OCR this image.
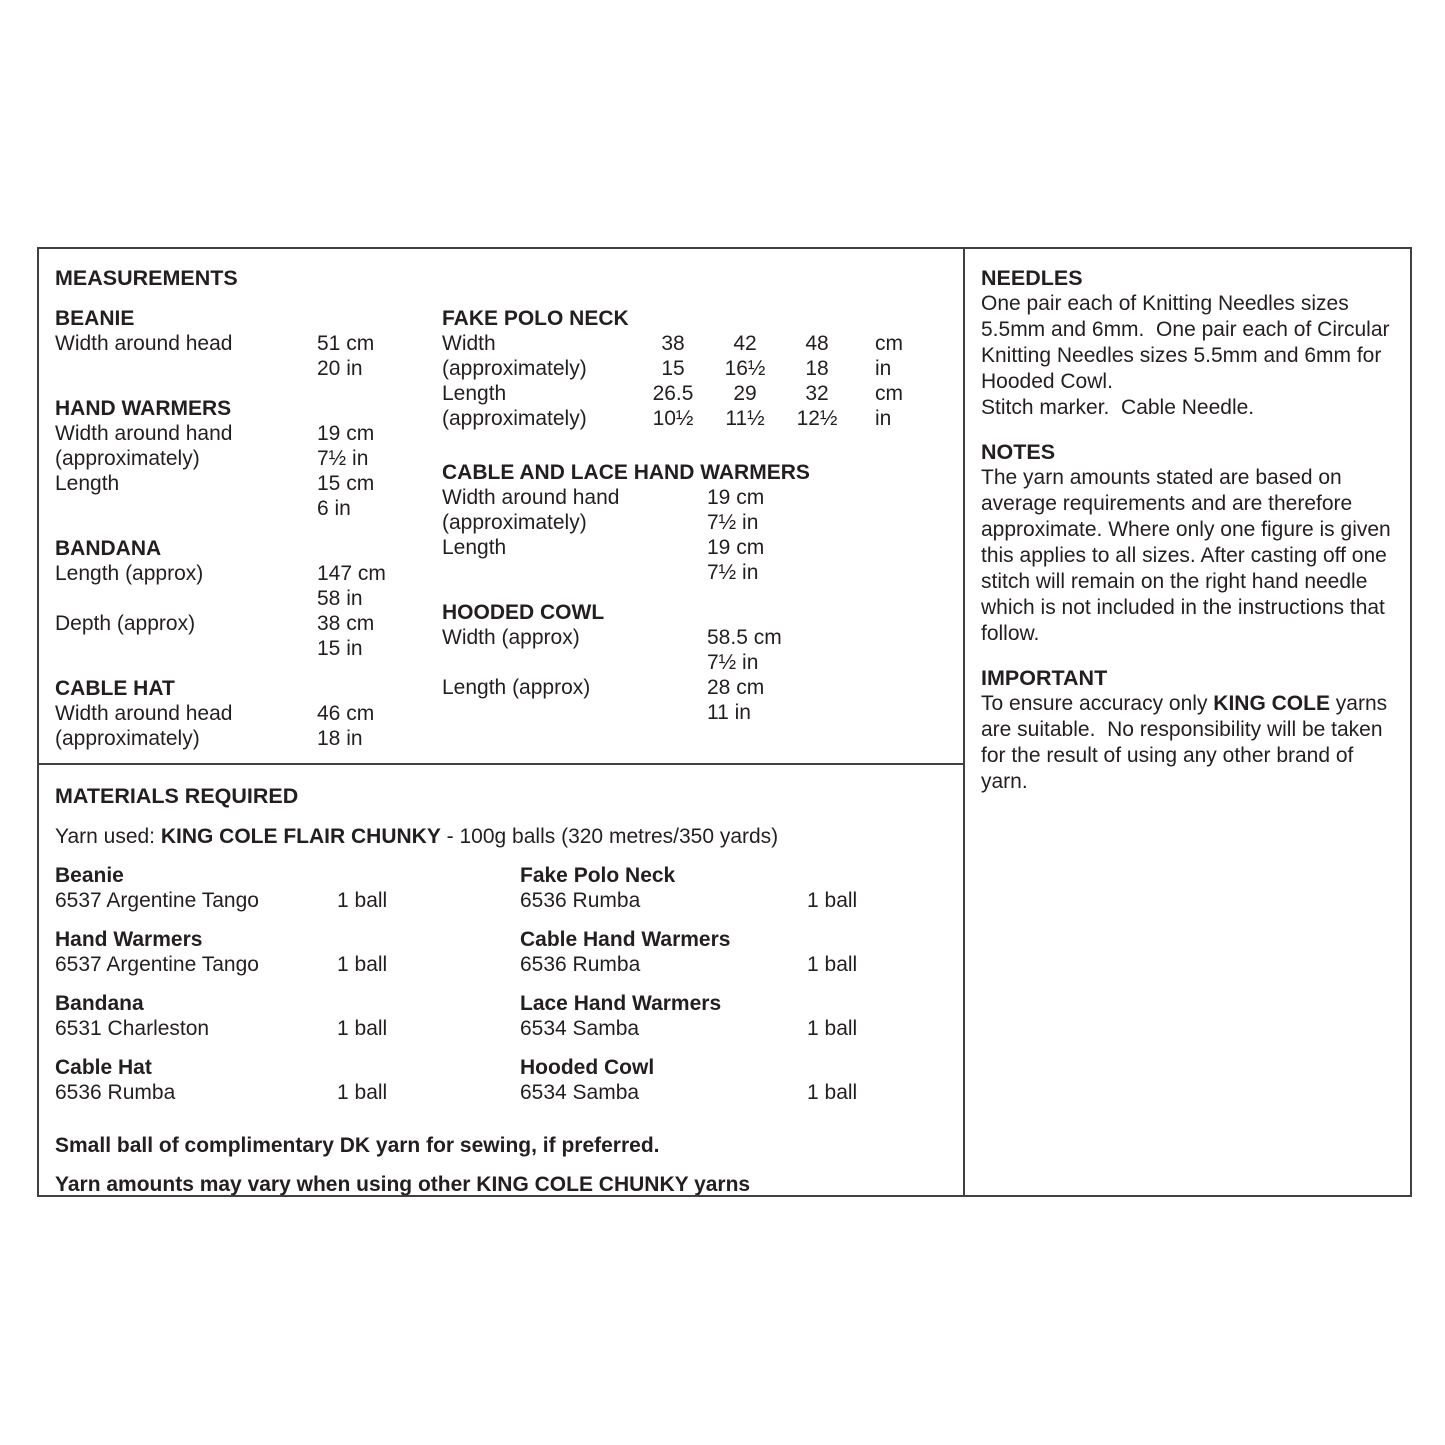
MEASUREMENTS
BEANIE
Width around head	51 cm
20 in
HAND WARMERS
Width around hand	19 cm
(approximately)	7½ in
Length	15 cm
6 in
BANDANA
Length (approx)	147 cm
58 in
Depth (approx)	38 cm
15 in
CABLE HAT
Width around head	46 cm
(approximately)	18 in
FAKE POLO NECK
Width	38	42	48	cm
(approximately)	15	16½	18	in
Length	26.5	29	32	cm
(approximately)	10½	11½	12½	in
CABLE AND LACE HAND WARMERS
Width around hand	19 cm
(approximately)	7½ in
Length	19 cm
7½ in
HOODED COWL
Width (approx)	58.5 cm
7½ in
Length (approx)	28 cm
11 in
MATERIALS REQUIRED
Yarn used: KING COLE FLAIR CHUNKY - 100g balls (320 metres/350 yards)
Beanie
6537 Argentine Tango	1 ball
Hand Warmers
6537 Argentine Tango	1 ball
Bandana
6531 Charleston	1 ball
Cable Hat
6536 Rumba	1 ball
Fake Polo Neck
6536 Rumba	1 ball
Cable Hand Warmers
6536 Rumba	1 ball
Lace Hand Warmers
6534 Samba	1 ball
Hooded Cowl
6534 Samba	1 ball
Small ball of complimentary DK yarn for sewing, if preferred.
Yarn amounts may vary when using other KING COLE CHUNKY yarns
NEEDLES
One pair each of Knitting Needles sizes 5.5mm and 6mm.  One pair each of Circular Knitting Needles sizes 5.5mm and 6mm for Hooded Cowl.
Stitch marker.  Cable Needle.
NOTES
The yarn amounts stated are based on average requirements and are therefore approximate. Where only one figure is given this applies to all sizes. After casting off one stitch will remain on the right hand needle which is not included in the instructions that follow.
IMPORTANT
To ensure accuracy only KING COLE yarns are suitable.  No responsibility will be taken for the result of using any other brand of yarn.
